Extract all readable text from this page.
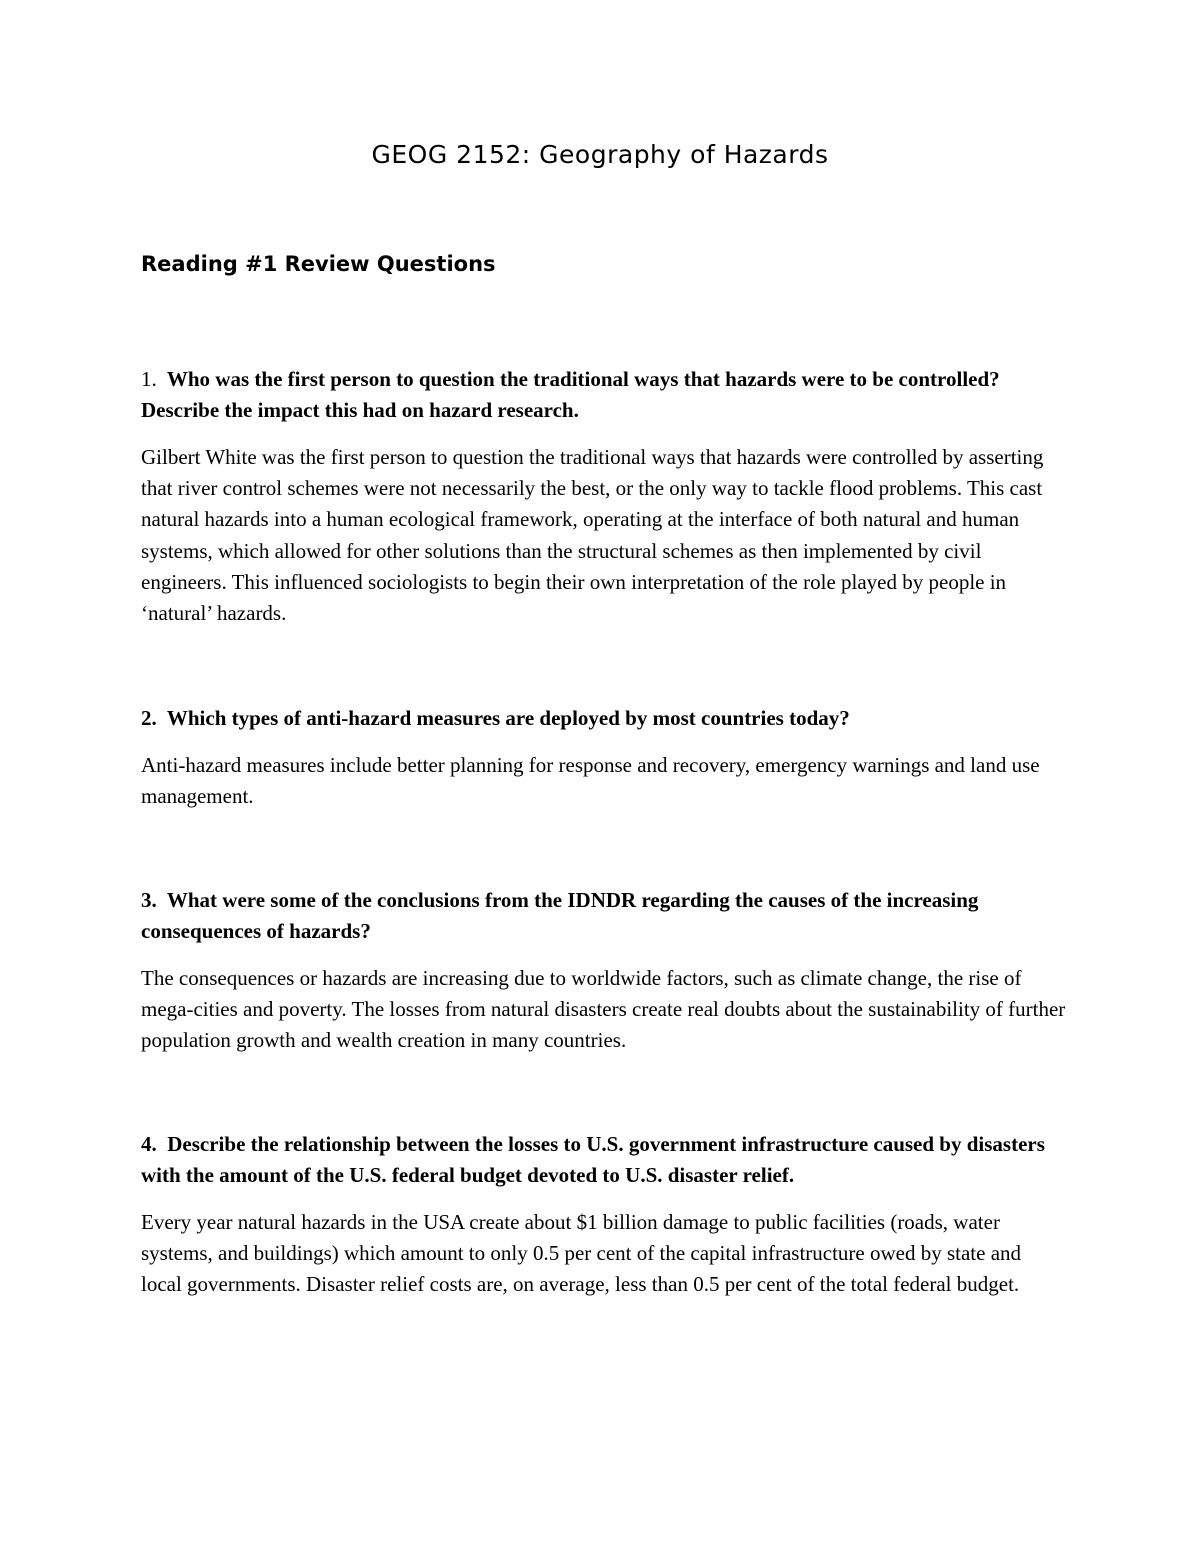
GEOG 2152: Geography of Hazards
Reading #1 Review Questions

1. Who was the first person to question the traditional ways that hazards were to be controlled? Describe the impact this had on hazard research.

Gilbert White was the first person to question the traditional ways that hazards were controlled by asserting that river control schemes were not necessarily the best, or the only way to tackle flood problems. This cast natural hazards into a human ecological framework, operating at the interface of both natural and human systems, which allowed for other solutions than the structural schemes as then implemented by civil engineers. This influenced sociologists to begin their own interpretation of the role played by people in ‘natural’ hazards.

2. Which types of anti-hazard measures are deployed by most countries today?

Anti-hazard measures include better planning for response and recovery, emergency warnings and land use management.

3. What were some of the conclusions from the IDNDR regarding the causes of the increasing consequences of hazards?

The consequences or hazards are increasing due to worldwide factors, such as climate change, the rise of mega-cities and poverty. The losses from natural disasters create real doubts about the sustainability of further population growth and wealth creation in many countries.

4. Describe the relationship between the losses to U.S. government infrastructure caused by disasters with the amount of the U.S. federal budget devoted to U.S. disaster relief.

Every year natural hazards in the USA create about $1 billion damage to public facilities (roads, water systems, and buildings) which amount to only 0.5 per cent of the capital infrastructure owed by state and local governments. Disaster relief costs are, on average, less than 0.5 per cent of the total federal budget.
